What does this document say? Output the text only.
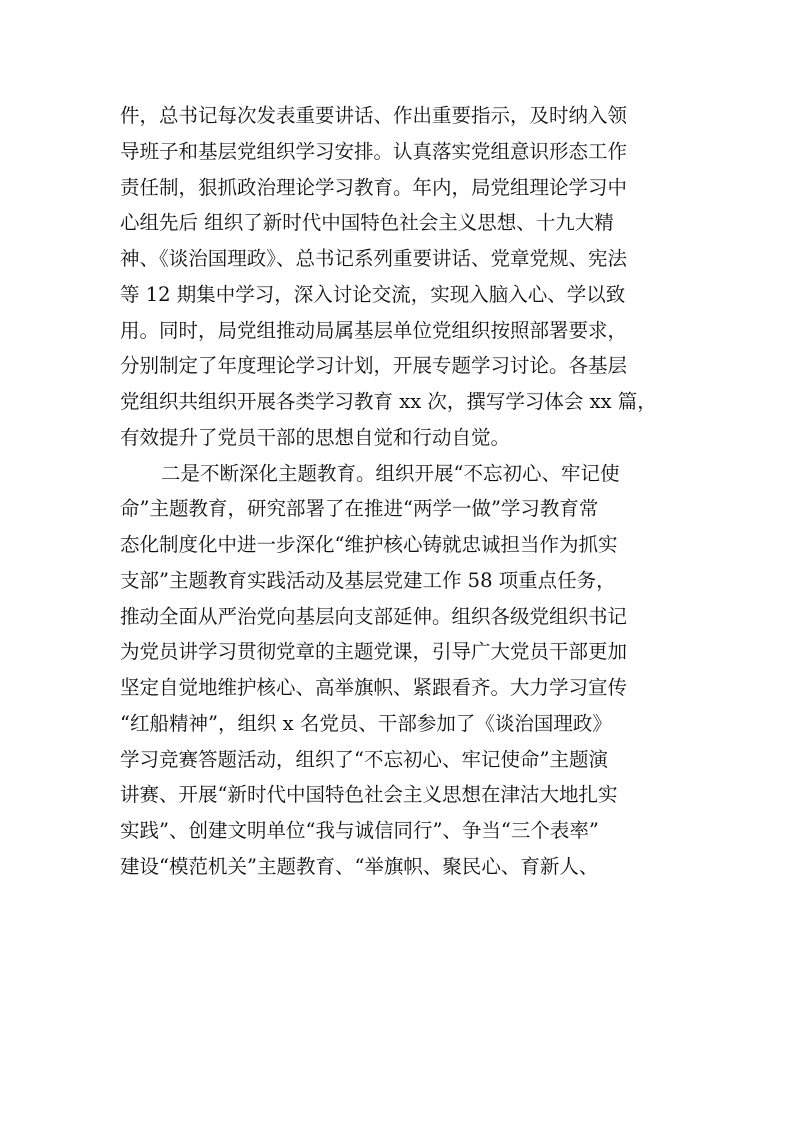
件，总书记每次发表重要讲话、作出重要指示，及时纳入领
导班子和基层党组织学习安排。认真落实党组意识形态工作
责任制，狠抓政治理论学习教育。年内，局党组理论学习中
心组先后 组织了新时代中国特色社会主义思想、十九大精
神、《谈治国理政》、总书记系列重要讲话、党章党规、宪法
等 12 期集中学习，深入讨论交流，实现入脑入心、学以致
用。同时，局党组推动局属基层单位党组织按照部署要求，
分别制定了年度理论学习计划，开展专题学习讨论。各基层
党组织共组织开展各类学习教育 xx 次，撰写学习体会 xx 篇，
有效提升了党员干部的思想自觉和行动自觉。
二是不断深化主题教育。组织开展“不忘初心、牢记使
命”主题教育，研究部署了在推进“两学一做”学习教育常
态化制度化中进一步深化“维护核心铸就忠诚担当作为抓实
支部”主题教育实践活动及基层党建工作 58 项重点任务，
推动全面从严治党向基层向支部延伸。组织各级党组织书记
为党员讲学习贯彻党章的主题党课，引导广大党员干部更加
坚定自觉地维护核心、高举旗帜、紧跟看齐。大力学习宣传
“红船精神”，组织 x 名党员、干部参加了《谈治国理政》
学习竞赛答题活动，组织了“不忘初心、牢记使命”主题演
讲赛、开展“新时代中国特色社会主义思想在津沽大地扎实
实践”、创建文明单位“我与诚信同行”、争当“三个表率”
建设“模范机关”主题教育、“举旗帜、聚民心、育新人、
